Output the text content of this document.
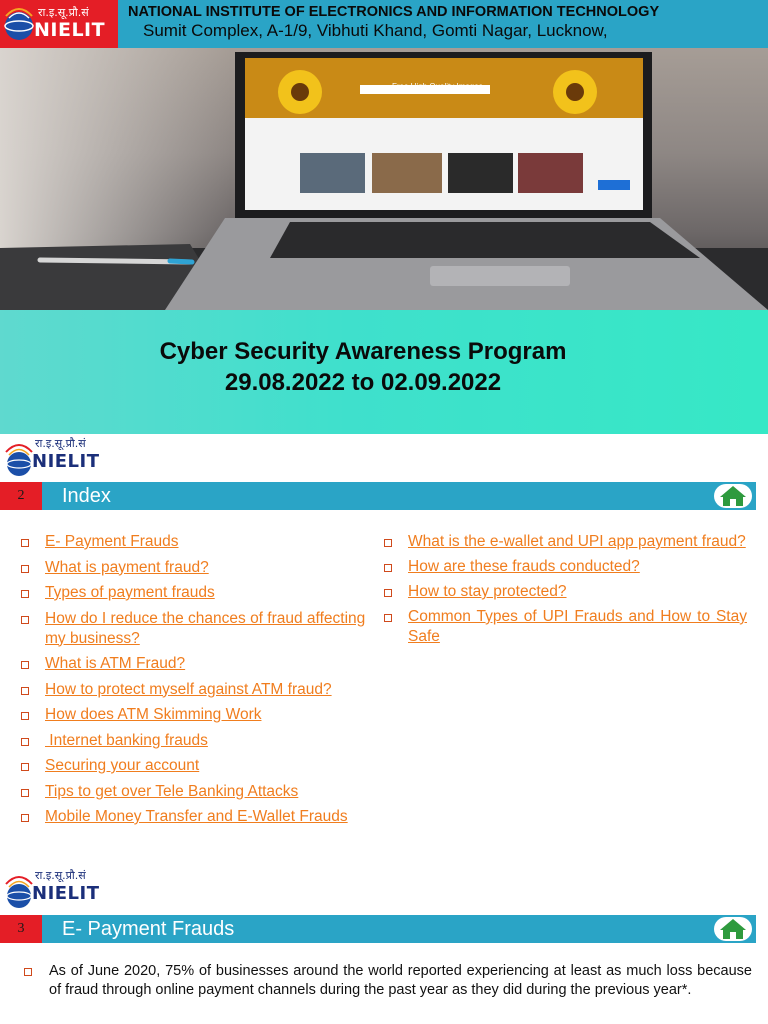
रा.इ.सू.प्रौ.सं
NIELIT
NATIONAL INSTITUTE OF ELECTRONICS AND INFORMATION TECHNOLOGY
Sumit Complex, A-1/9, Vibhuti Khand, Gomti Nagar, Lucknow,
Free High Quality Images
Cyber Security Awareness Program
29.08.2022 to 02.09.2022
रा.इ.सू.प्रौ.सं
NIELIT
2	Index
E- Payment Frauds
What is payment fraud?
Types of payment frauds
How do I reduce the chances of fraud affecting my business?
What is ATM Fraud?
How to protect myself against ATM fraud?
How does ATM Skimming Work
Internet banking frauds
Securing your account
Tips to get over Tele Banking Attacks
Mobile Money Transfer and E-Wallet Frauds
What is the e-wallet and UPI app payment fraud?
How are these frauds conducted?
How to stay protected?
Common Types of UPI Frauds and How to Stay Safe
रा.इ.सू.प्रौ.सं
NIELIT
3	E- Payment Frauds
As of June 2020, 75% of businesses around the world reported experiencing at least as much loss because of fraud through online payment channels during the past year as they did during the previous year*.
